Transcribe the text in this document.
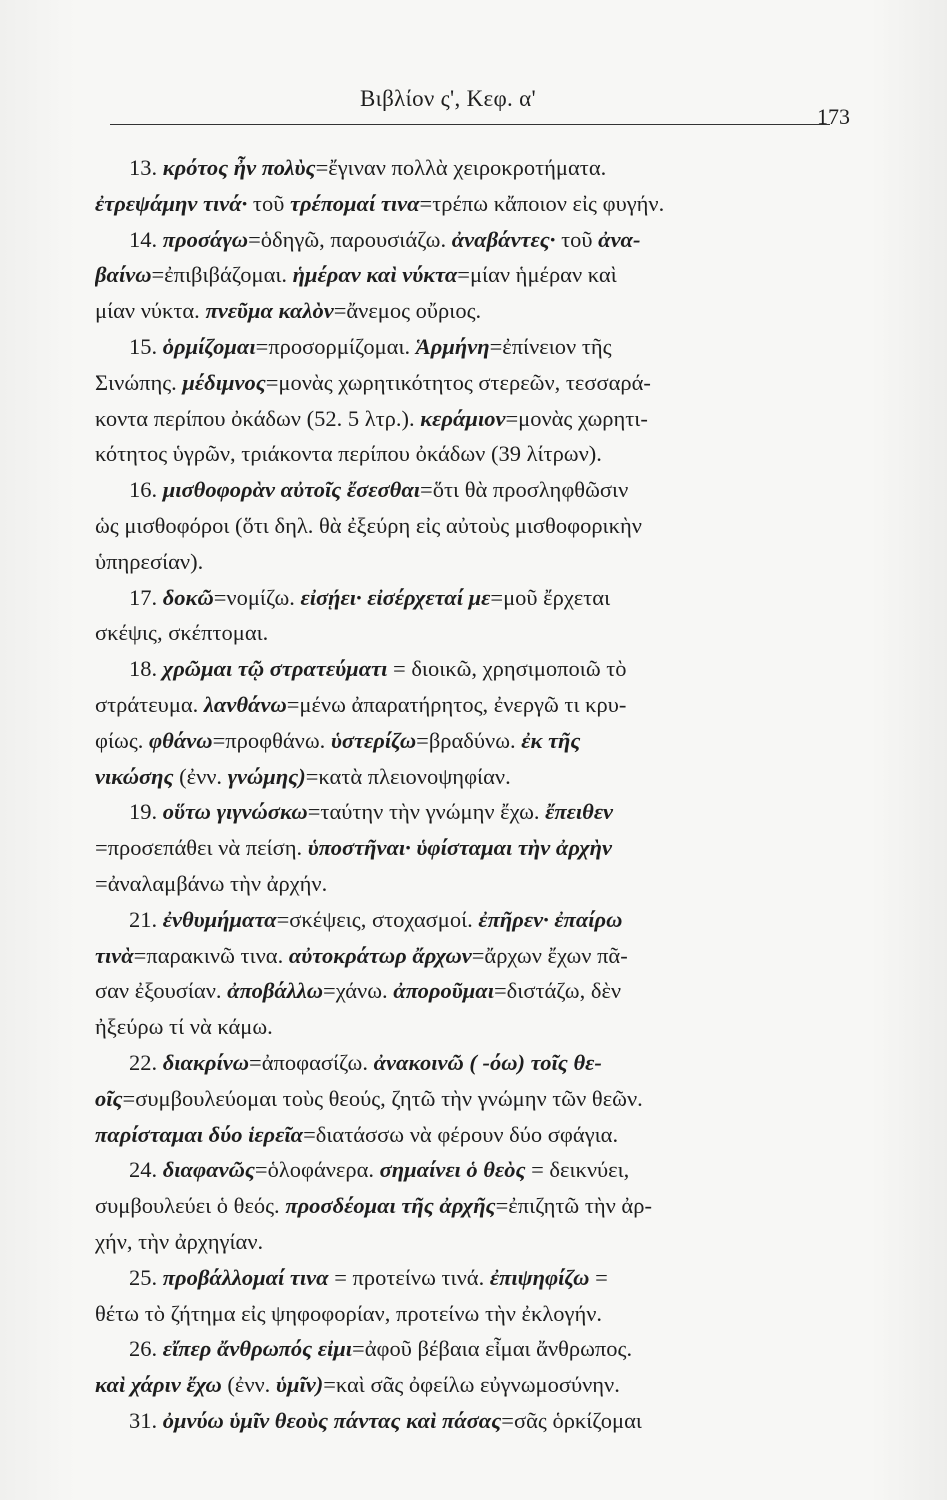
Βιβλίον ς', Κεφ. α'
173
13. κρότος ἦν πολὺς=ἔγιναν πολλὰ χειροκροτήματα.
ἐτρεψάμην τινά· τοῦ τρέπομαί τινα=τρέπω κἄποιον εἰς φυγήν.
14. προσάγω=ὁδηγῶ, παρουσιάζω. ἀναβάντες· τοῦ ἀνα-
βαίνω=ἐπιβιβάζομαι. ἡμέραν καὶ νύκτα=μίαν ἡμέραν καὶ
μίαν νύκτα. πνεῦμα καλὸν=ἄνεμος οὔριος.
15. ὁρμίζομαι=προσορμίζομαι. Ἁρμήνη=ἐπίνειον τῆς
Σινώπης. μέδιμνος=μονὰς χωρητικότητος στερεῶν, τεσσαρά-
κοντα περίπου ὀκάδων (52. 5 λτρ.). κεράμιον=μονὰς χωρητι-
κότητος ὑγρῶν, τριάκοντα περίπου ὀκάδων (39 λίτρων).
16. μισθοφορὰν αὐτοῖς ἔσεσθαι=ὅτι θὰ προσληφθῶσιν
ὡς μισθοφόροι (ὅτι δηλ. θὰ ἐξεύρη εἰς αὐτοὺς μισθοφορικὴν
ὑπηρεσίαν).
17. δοκῶ=νομίζω. εἰσῄει· εἰσέρχεταί με=μοῦ ἔρχεται
σκέψις, σκέπτομαι.
18. χρῶμαι τῷ στρατεύματι = διοικῶ, χρησιμοποιῶ τὸ
στράτευμα. λανθάνω=μένω ἀπαρατήρητος, ἐνεργῶ τι κρυ-
φίως. φθάνω=προφθάνω. ὑστερίζω=βραδύνω. ἐκ τῆς
νικώσης (ἐνν. γνώμης)=κατὰ πλειονοψηφίαν.
19. οὕτω γιγνώσκω=ταύτην τὴν γνώμην ἔχω. ἔπειθεν
=προσεπάθει νὰ πείση. ὑποστῆναι· ὑφίσταμαι τὴν ἀρχὴν
=ἀναλαμβάνω τὴν ἀρχήν.
21. ἐνθυμήματα=σκέψεις, στοχασμοί. ἐπῆρεν· ἐπαίρω
τινὰ=παρακινῶ τινα. αὐτοκράτωρ ἄρχων=ἄρχων ἔχων πᾶ-
σαν ἐξουσίαν. ἀποβάλλω=χάνω. ἀποροῦμαι=διστάζω, δὲν
ἠξεύρω τί νὰ κάμω.
22. διακρίνω=ἀποφασίζω. ἀνακοινῶ ( -όω) τοῖς θε-
οῖς=συμβουλεύομαι τοὺς θεούς, ζητῶ τὴν γνώμην τῶν θεῶν.
παρίσταμαι δύο ἱερεῖα=διατάσσω νὰ φέρουν δύο σφάγια.
24. διαφανῶς=ὁλοφάνερα. σημαίνει ὁ θεὸς = δεικνύει,
συμβουλεύει ὁ θεός. προσδέομαι τῆς ἀρχῆς=ἐπιζητῶ τὴν ἀρ-
χήν, τὴν ἀρχηγίαν.
25. προβάλλομαί τινα = προτείνω τινά. ἐπιψηφίζω =
θέτω τὸ ζήτημα εἰς ψηφοφορίαν, προτείνω τὴν ἐκλογήν.
26. εἴπερ ἄνθρωπός εἰμι=ἀφοῦ βέβαια εἶμαι ἄνθρωπος.
καὶ χάριν ἔχω (ἐνν. ὑμῖν)=καὶ σᾶς ὀφείλω εὐγνωμοσύνην.
31. ὀμνύω ὑμῖν θεοὺς πάντας καὶ πάσας=σᾶς ὁρκίζομαι
